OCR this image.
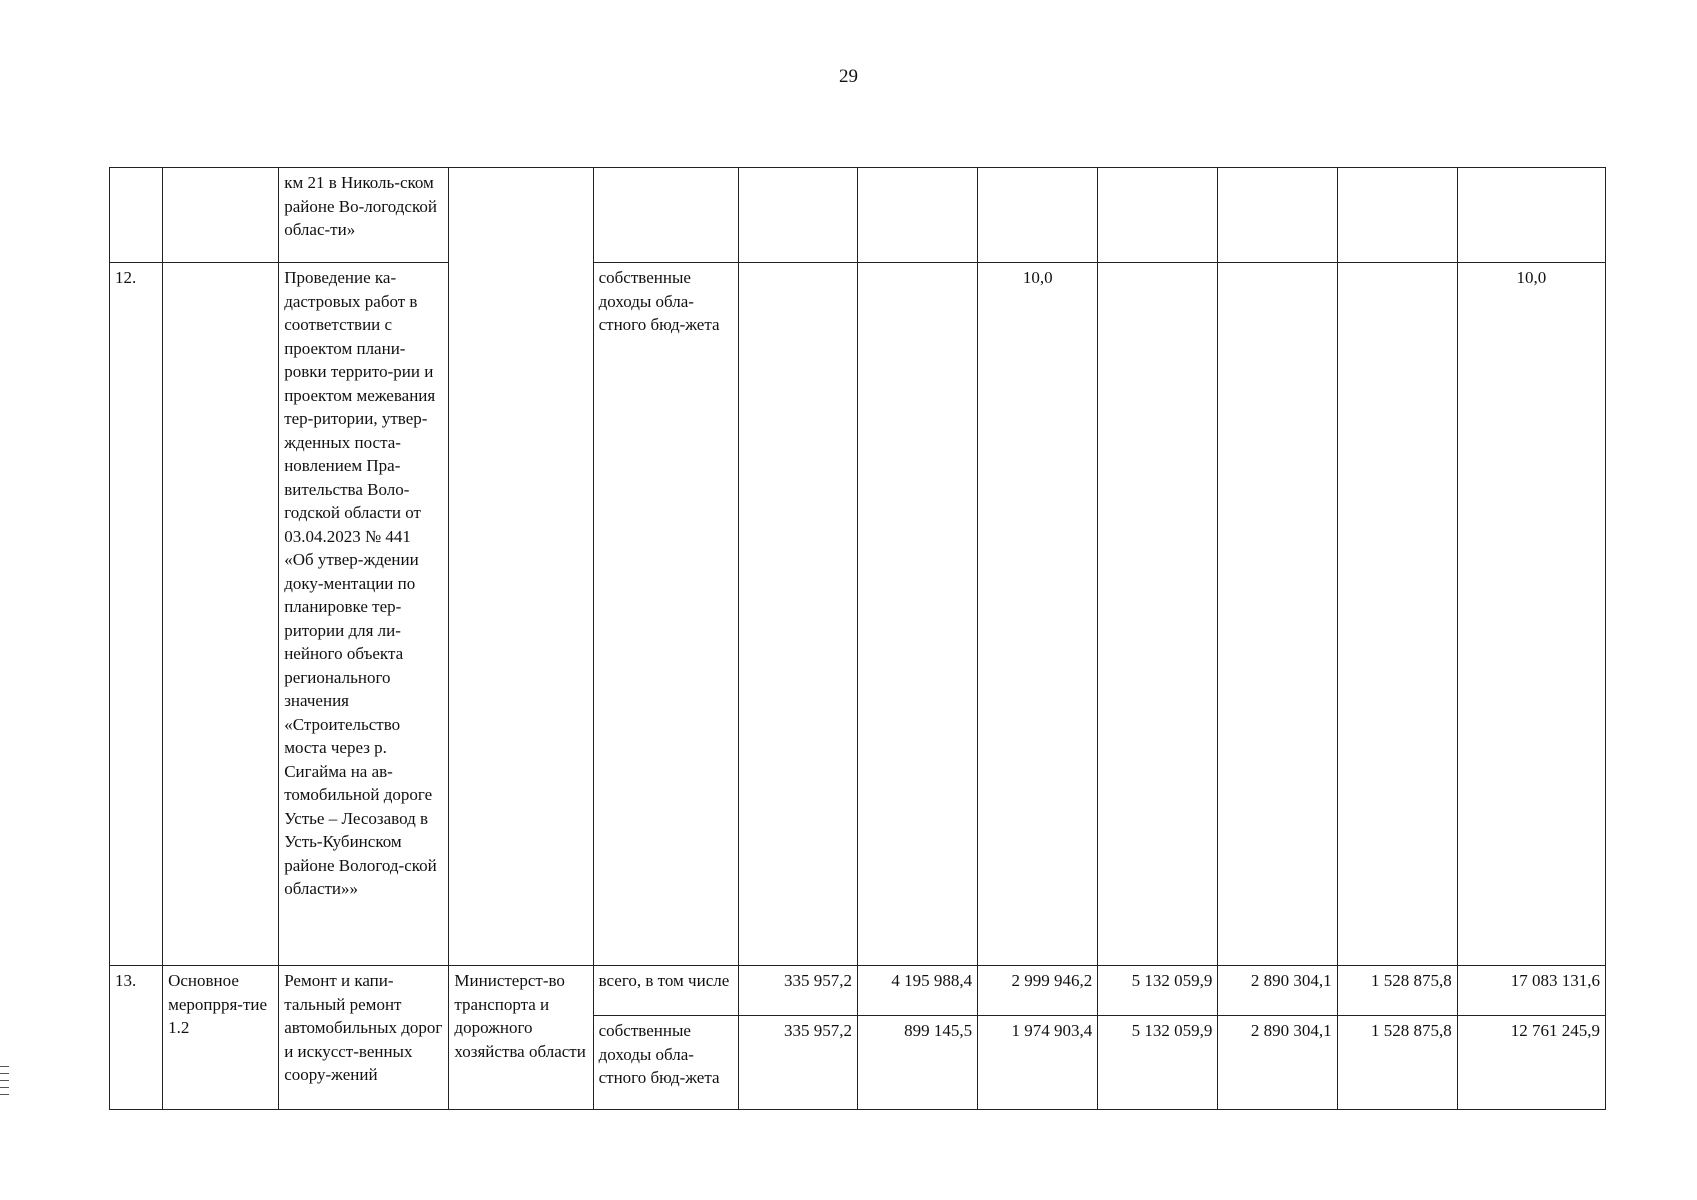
29
		км 21 в Николь-ском районе Во-логодской облас-ти»									
12.		Проведение ка-дастровых работ в соответствии с проектом плани-ровки террито-рии и проектом межевания тер-ритории, утвер-жденных поста-новлением Пра-вительства Воло-годской области от 03.04.2023 № 441 «Об утвер-ждении доку-ментации по планировке тер-ритории для ли-нейного объекта регионального значения «Строительство моста через р. Сигайма на ав-томобильной дороге Устье – Лесозавод в Усть-Кубинском районе Вологод-ской области»»		собственные доходы обла-стного бюд-жета			10,0				10,0
13.	Основное меропрря-тие 1.2	Ремонт и капи-тальный ремонт автомобильных дорог и искусст-венных соору-жений	Министерст-во транспорта и дорожного хозяйства области	всего, в том числе	335 957,2	4 195 988,4	2 999 946,2	5 132 059,9	2 890 304,1	1 528 875,8	17 083 131,6
				собственные доходы обла-стного бюд-жета	335 957,2	899 145,5	1 974 903,4	5 132 059,9	2 890 304,1	1 528 875,8	12 761 245,9
